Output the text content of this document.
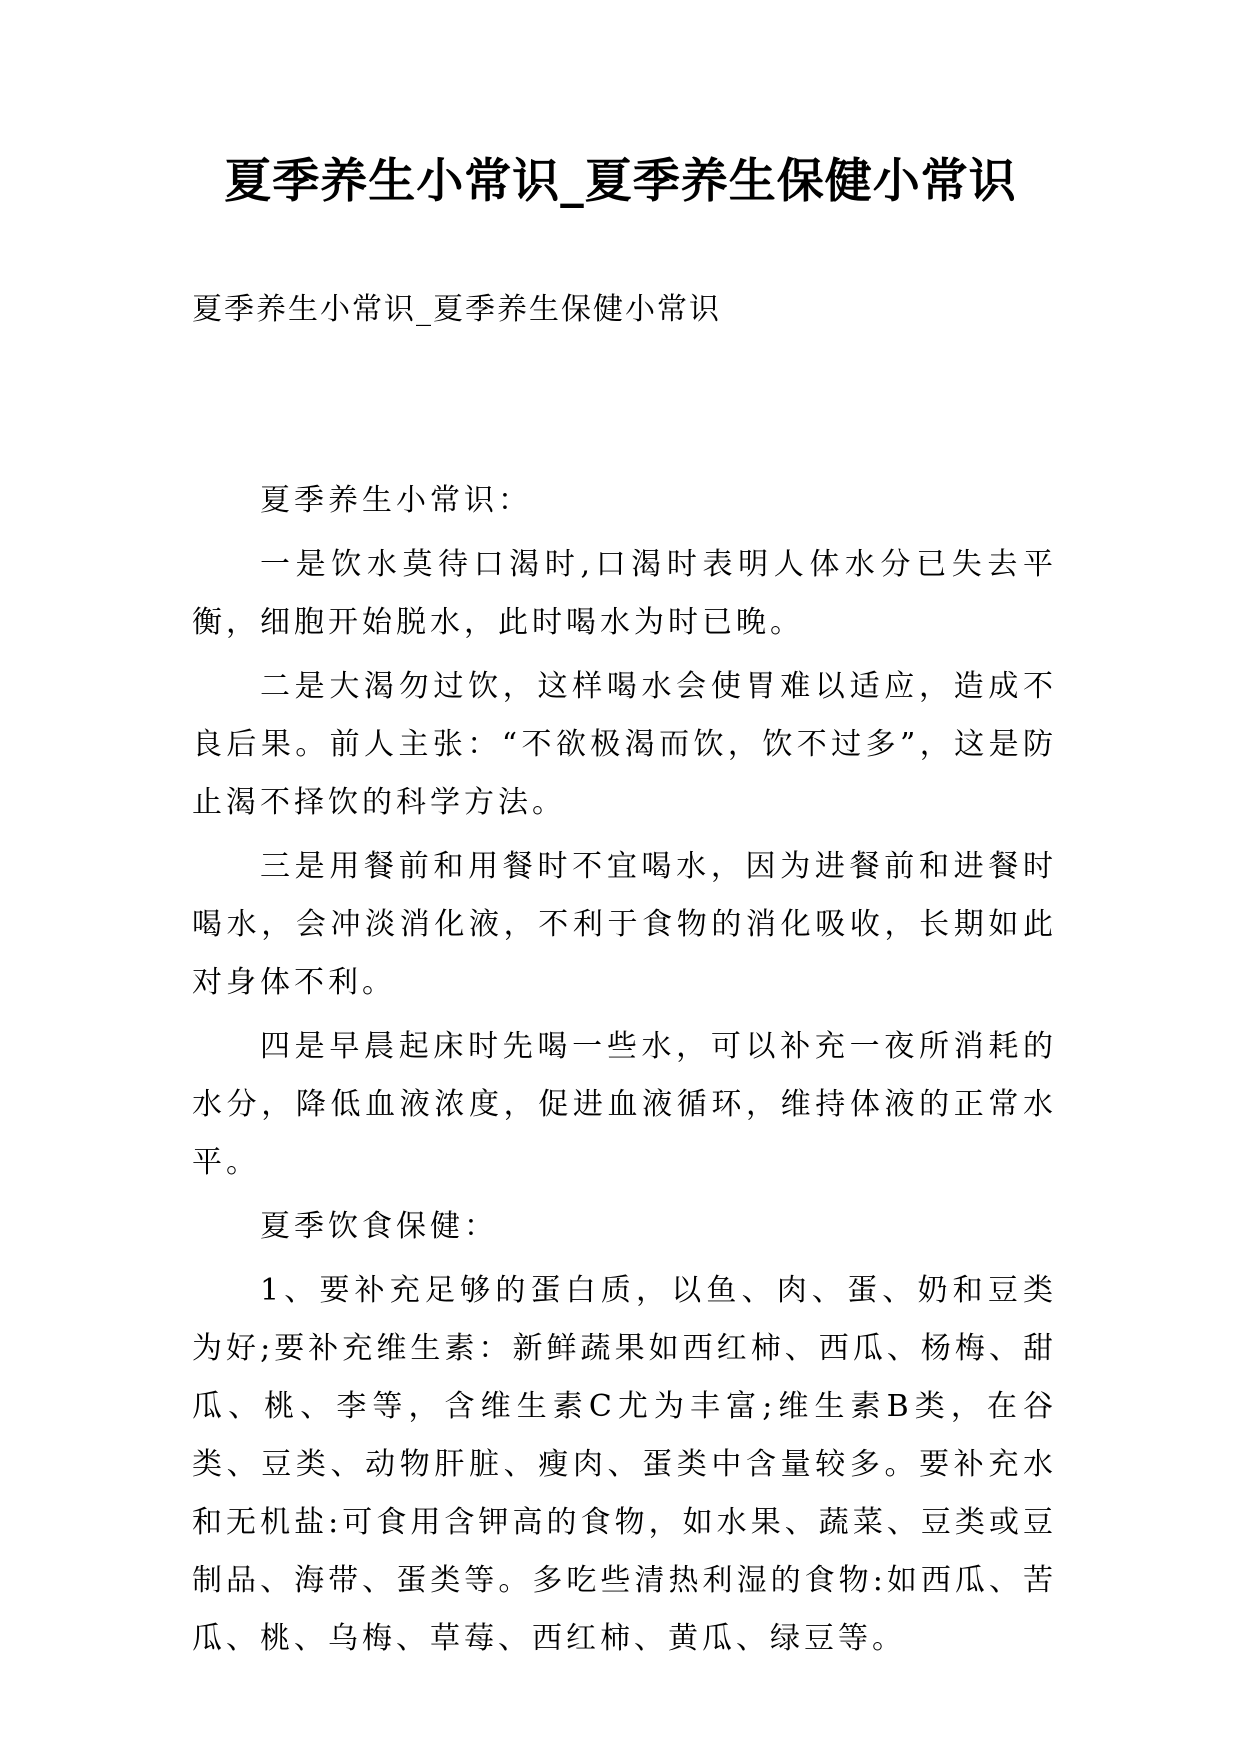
夏季养生小常识_夏季养生保健小常识
夏季养生小常识_夏季养生保健小常识

夏季养生小常识：

一是饮水莫待口渴时,口渴时表明人体水分已失去平衡，细胞开始脱水，此时喝水为时已晚。

二是大渴勿过饮，这样喝水会使胃难以适应，造成不良后果。前人主张：“不欲极渴而饮，饮不过多”，这是防止渴不择饮的科学方法。

三是用餐前和用餐时不宜喝水，因为进餐前和进餐时喝水，会冲淡消化液，不利于食物的消化吸收，长期如此对身体不利。

四是早晨起床时先喝一些水，可以补充一夜所消耗的水分，降低血液浓度，促进血液循环，维持体液的正常水平。

夏季饮食保健：

1、要补充足够的蛋白质，以鱼、肉、蛋、奶和豆类为好;要补充维生素：新鲜蔬果如西红柿、西瓜、杨梅、甜瓜、桃、李等，含维生素C尤为丰富;维生素B类，在谷类、豆类、动物肝脏、瘦肉、蛋类中含量较多。要补充水和无机盐:可食用含钾高的食物，如水果、蔬菜、豆类或豆制品、海带、蛋类等。多吃些清热利湿的食物:如西瓜、苦瓜、桃、乌梅、草莓、西红柿、黄瓜、绿豆等。
